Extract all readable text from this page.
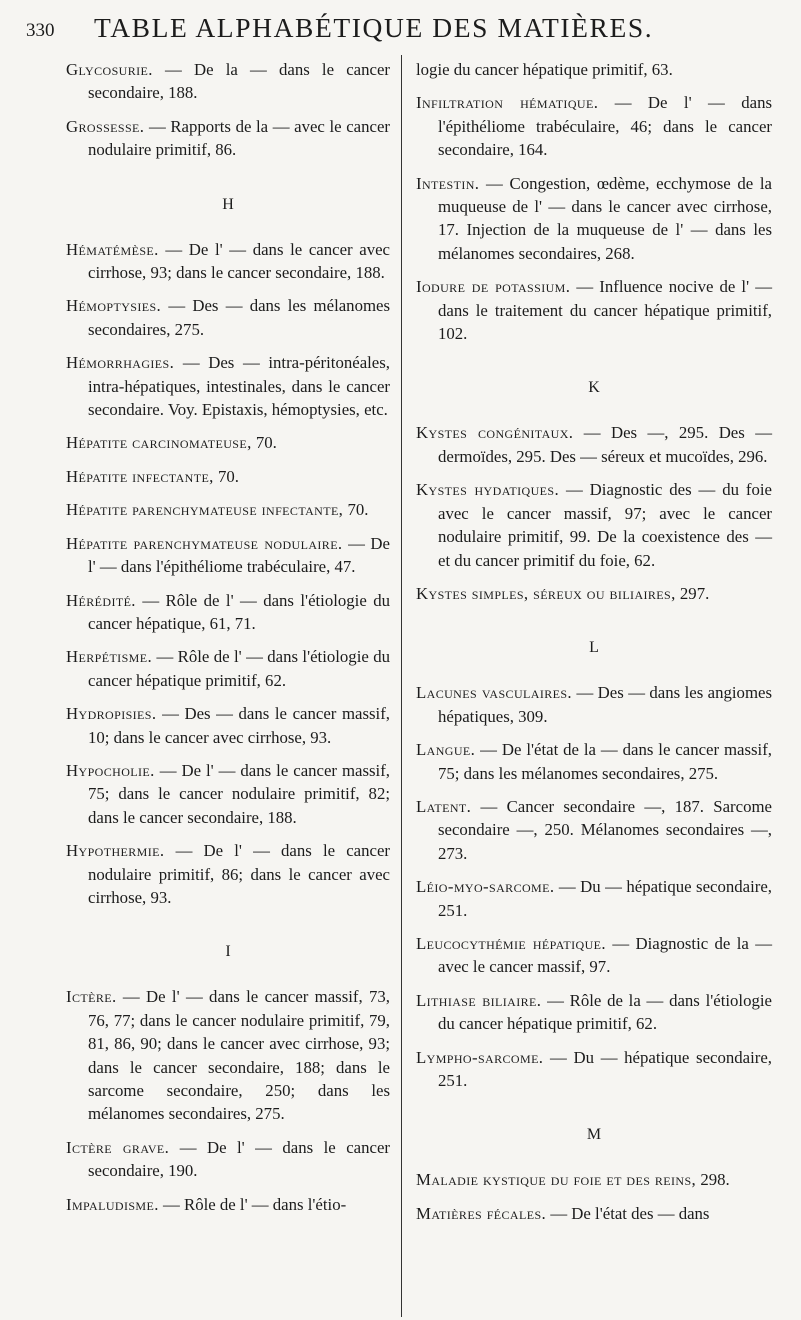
330 TABLE ALPHABÉTIQUE DES MATIÈRES.

Glycosurie. — De la — dans le cancer secondaire, 188.

Grossesse. — Rapports de la — avec le cancer nodulaire primitif, 86.

H

Hématémèse. — De l' — dans le cancer avec cirrhose, 93; dans le cancer secondaire, 188.

Hémoptysies. — Des — dans les mélanomes secondaires, 275.

Hémorrhagies. — Des — intra-péritonéales, intra-hépatiques, intestinales, dans le cancer secondaire. Voy. Epistaxis, hémoptysies, etc.

Hépatite carcinomateuse, 70.

Hépatite infectante, 70.

Hépatite parenchymateuse infectante, 70.

Hépatite parenchymateuse nodulaire. — De l' — dans l'épithéliome trabéculaire, 47.

Hérédité. — Rôle de l' — dans l'étiologie du cancer hépatique, 61, 71.

Herpétisme. — Rôle de l' — dans l'étiologie du cancer hépatique primitif, 62.

Hydropisies. — Des — dans le cancer massif, 10; dans le cancer avec cirrhose, 93.

Hypocholie. — De l' — dans le cancer massif, 75; dans le cancer nodulaire primitif, 82; dans le cancer secondaire, 188.

Hypothermie. — De l' — dans le cancer nodulaire primitif, 86; dans le cancer avec cirrhose, 93.

I

Ictère. — De l' — dans le cancer massif, 73, 76, 77; dans le cancer nodulaire primitif, 79, 81, 86, 90; dans le cancer avec cirrhose, 93; dans le cancer secondaire, 188; dans le sarcome secondaire, 250; dans les mélanomes secondaires, 275.

Ictère grave. — De l' — dans le cancer secondaire, 190.

Impaludisme. — Rôle de l' — dans l'étio-

logie du cancer hépatique primitif, 63.

Infiltration hématique. — De l' — dans l'épithéliome trabéculaire, 46; dans le cancer secondaire, 164.

Intestin. — Congestion, œdème, ecchymose de la muqueuse de l' — dans le cancer avec cirrhose, 17. Injection de la muqueuse de l' — dans les mélanomes secondaires, 268.

Iodure de potassium. — Influence nocive de l' — dans le traitement du cancer hépatique primitif, 102.

K

Kystes congénitaux. — Des —, 295. Des — dermoïdes, 295. Des — séreux et mucoïdes, 296.

Kystes hydatiques. — Diagnostic des — du foie avec le cancer massif, 97; avec le cancer nodulaire primitif, 99. De la coexistence des — et du cancer primitif du foie, 62.

Kystes simples, séreux ou biliaires, 297.

L

Lacunes vasculaires. — Des — dans les angiomes hépatiques, 309.

Langue. — De l'état de la — dans le cancer massif, 75; dans les mélanomes secondaires, 275.

Latent. — Cancer secondaire —, 187. Sarcome secondaire —, 250. Mélanomes secondaires —, 273.

Léio-myo-sarcome. — Du — hépatique secondaire, 251.

Leucocythémie hépatique. — Diagnostic de la — avec le cancer massif, 97.

Lithiase biliaire. — Rôle de la — dans l'étiologie du cancer hépatique primitif, 62.

Lympho-sarcome. — Du — hépatique secondaire, 251.

M

Maladie kystique du foie et des reins, 298.

Matières fécales. — De l'état des — dans
